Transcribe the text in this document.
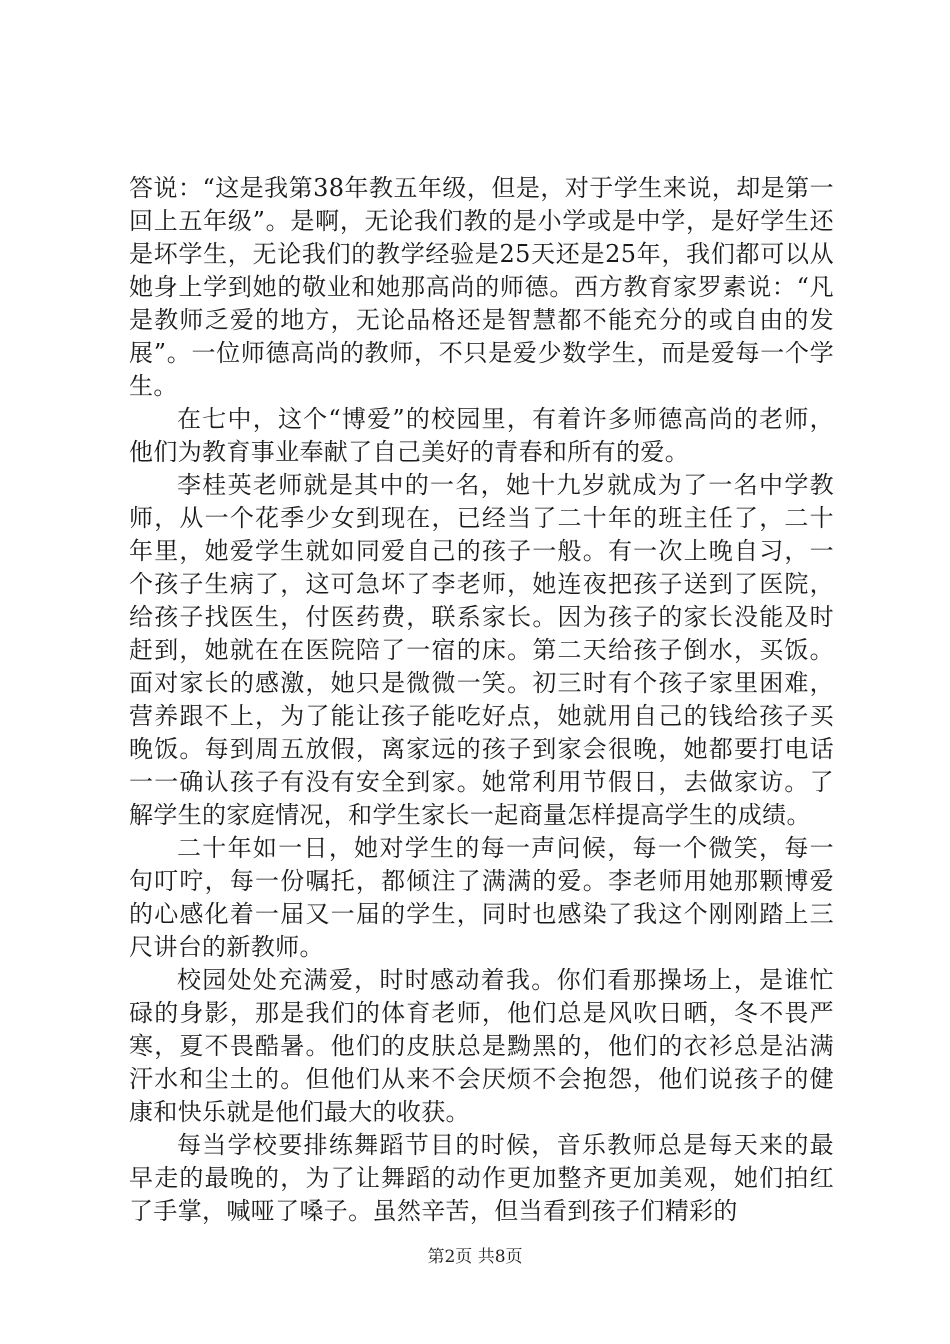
答说：“这是我第38年教五年级，但是，对于学生来说，却是第一回上五年级”。是啊，无论我们教的是小学或是中学，是好学生还是坏学生，无论我们的教学经验是25天还是25年，我们都可以从她身上学到她的敬业和她那高尚的师德。西方教育家罗素说：“凡是教师乏爱的地方，无论品格还是智慧都不能充分的或自由的发展”。一位师德高尚的教师，不只是爱少数学生，而是爱每一个学生。

在七中，这个“博爱”的校园里，有着许多师德高尚的老师，他们为教育事业奉献了自己美好的青春和所有的爱。

李桂英老师就是其中的一名，她十九岁就成为了一名中学教师，从一个花季少女到现在，已经当了二十年的班主任了，二十年里，她爱学生就如同爱自己的孩子一般。有一次上晚自习，一个孩子生病了，这可急坏了李老师，她连夜把孩子送到了医院，给孩子找医生，付医药费，联系家长。因为孩子的家长没能及时赶到，她就在在医院陪了一宿的床。第二天给孩子倒水，买饭。面对家长的感激，她只是微微一笑。初三时有个孩子家里困难，营养跟不上，为了能让孩子能吃好点，她就用自己的钱给孩子买晚饭。每到周五放假，离家远的孩子到家会很晚，她都要打电话一一确认孩子有没有安全到家。她常利用节假日，去做家访。了解学生的家庭情况，和学生家长一起商量怎样提高学生的成绩。

二十年如一日，她对学生的每一声问候，每一个微笑，每一句叮咛，每一份嘱托，都倾注了满满的爱。李老师用她那颗博爱的心感化着一届又一届的学生，同时也感染了我这个刚刚踏上三尺讲台的新教师。

校园处处充满爱，时时感动着我。你们看那操场上，是谁忙碌的身影，那是我们的体育老师，他们总是风吹日晒，冬不畏严寒，夏不畏酷暑。他们的皮肤总是黝黑的，他们的衣衫总是沾满汗水和尘土的。但他们从来不会厌烦不会抱怨，他们说孩子的健康和快乐就是他们最大的收获。

每当学校要排练舞蹈节目的时候，音乐教师总是每天来的最早走的最晚的，为了让舞蹈的动作更加整齐更加美观，她们拍红了手掌，喊哑了嗓子。虽然辛苦，但当看到孩子们精彩的

第2页 共8页
